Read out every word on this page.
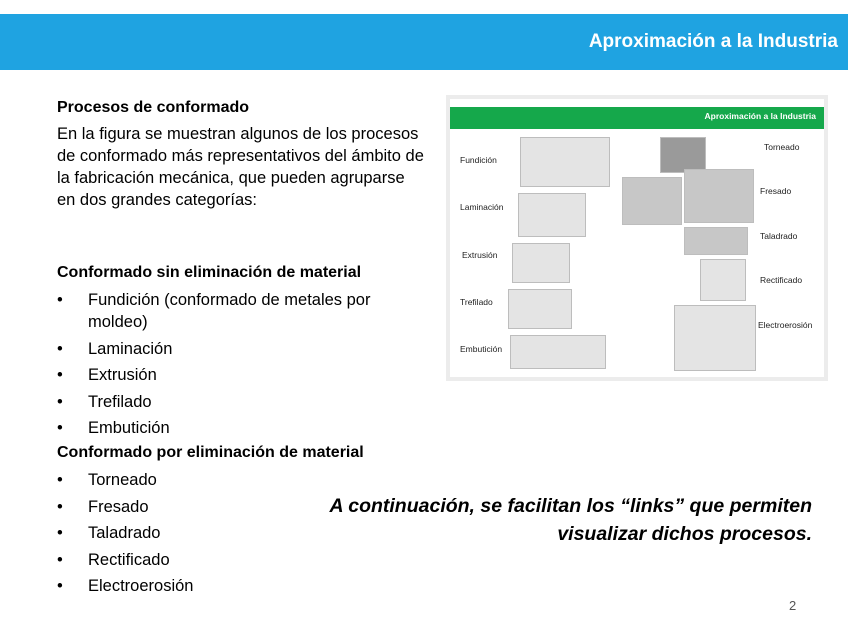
Aproximación a la Industria
Procesos de conformado
En la figura se muestran algunos de los procesos de conformado más representativos del ámbito de la fabricación mecánica, que pueden agruparse en dos grandes categorías:
Conformado sin eliminación de material
• Fundición (conformado de metales por moldeo)
• Laminación
• Extrusión
• Trefilado
• Embutición
Conformado por eliminación de material
• Torneado
• Fresado
• Taladrado
• Rectificado
• Electroerosión
A continuación, se facilitan los “links” que permiten
visualizar dichos procesos.
2
Aproximación a la Industria
Fundición
Laminación
Extrusión
Trefilado
Embutición
Torneado
Fresado
Taladrado
Rectificado
Electroerosión
